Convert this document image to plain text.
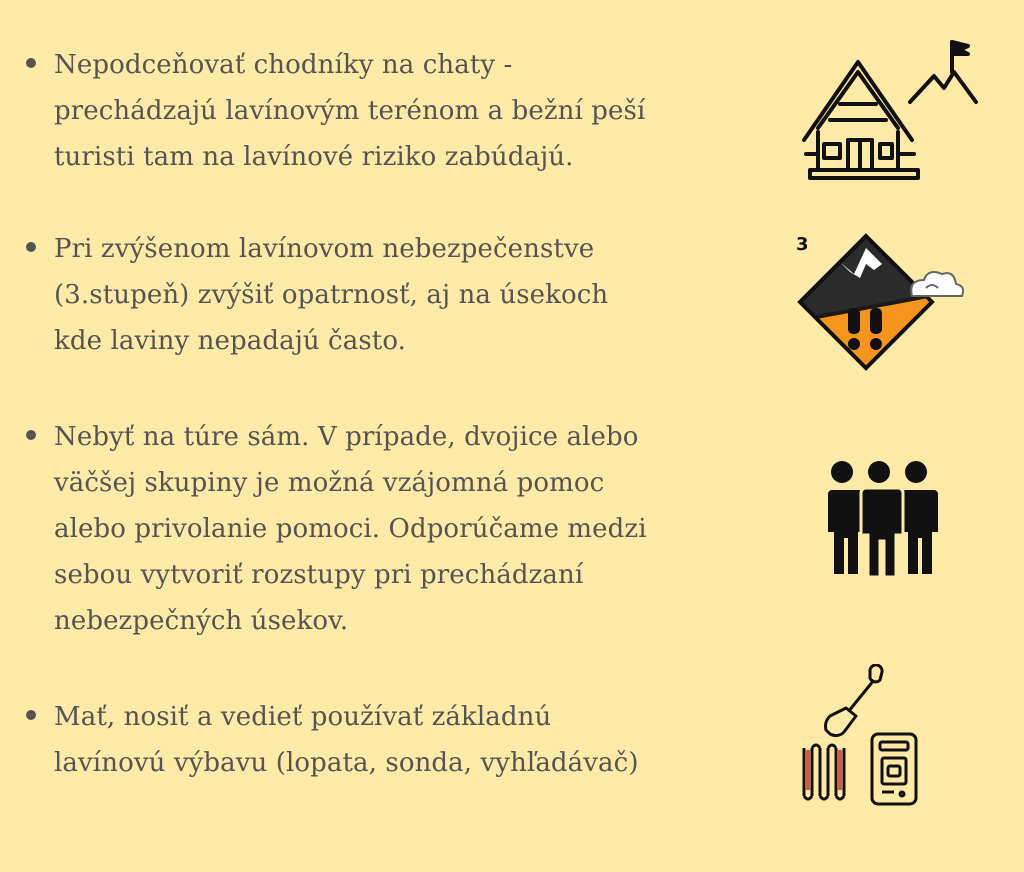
Nepodceňovať chodníky na chaty -
prechádzajú lavínovým terénom a bežní peší
turisti tam na lavínové riziko zabúdajú.
Pri zvýšenom lavínovom nebezpečenstve
(3.stupeň) zvýšiť opatrnosť, aj na úsekoch
kde laviny nepadajú často.
Nebyť na túre sám. V prípade, dvojice alebo
väčšej skupiny je možná vzájomná pomoc
alebo privolanie pomoci. Odporúčame medzi
sebou vytvoriť rozstupy pri prechádzaní
nebezpečných úsekov.
Mať, nosiť a vedieť používať základnú
lavínovú výbavu (lopata, sonda, vyhľadávač)
3
